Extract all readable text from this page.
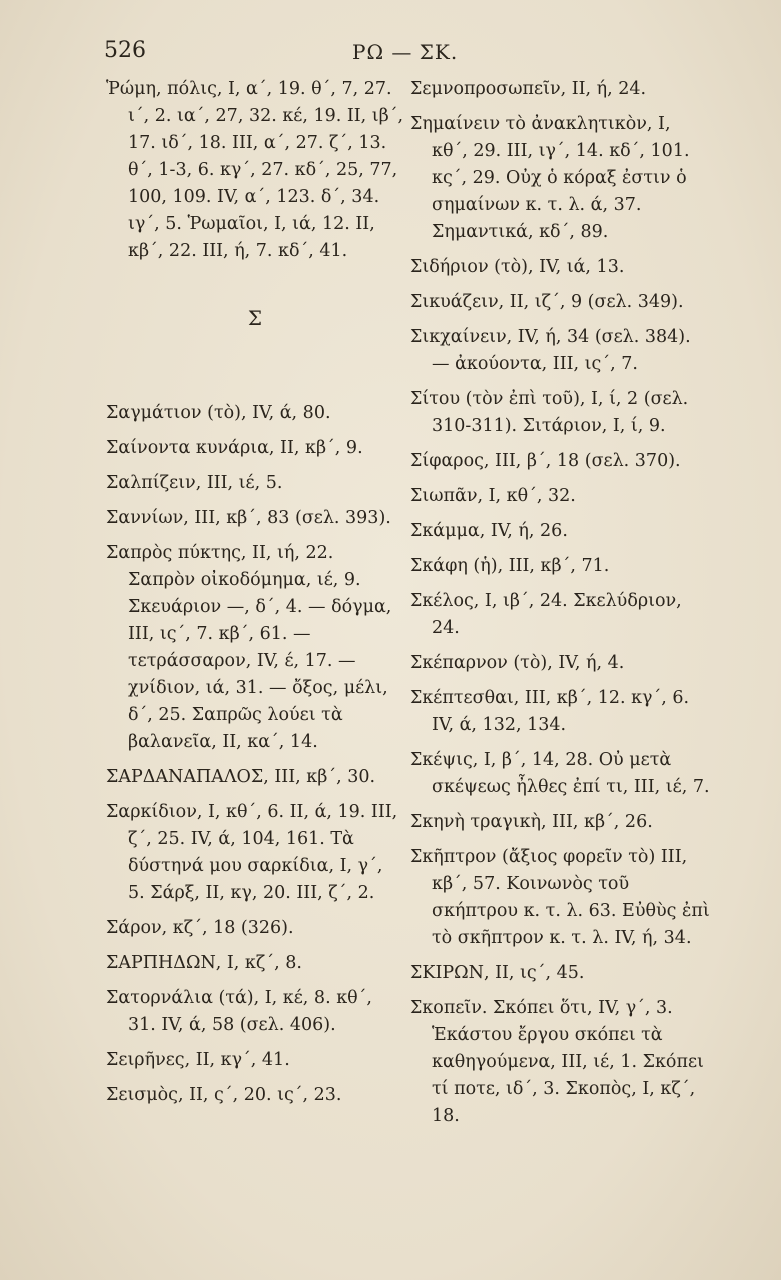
526	ΡΩ — ΣΚ.

Ῥώμη, πόλις, Ι, α΄, 19. θ΄, 7, 27. ι΄, 2. ια΄, 27, 32. κέ, 19. ΙΙ, ιβ΄, 17. ιδ΄, 18. ΙΙΙ, α΄, 27. ζ΄, 13. θ΄, 1-3, 6. κγ΄, 27. κδ΄, 25, 77, 100, 109. IV, α΄, 123. δ΄, 34. ιγ΄, 5. Ῥωμαῖοι, Ι, ιά, 12. ΙΙ, κβ΄, 22. ΙΙΙ, ή, 7. κδ΄, 41.

Σ

Σαγμάτιον (τὸ), IV, ά, 80.

Σαίνοντα κυνάρια, ΙΙ, κβ΄, 9.

Σαλπίζειν, ΙΙΙ, ιέ, 5.

Σαννίων, ΙΙΙ, κβ΄, 83 (σελ. 393).

Σαπρὸς πύκτης, ΙΙ, ιή, 22. Σαπρὸν οἰκοδόμημα, ιέ, 9. Σκευάριον —, δ΄, 4. — δόγμα, ΙΙΙ, ις΄, 7. κβ΄, 61. — τετράσσαρον, IV, έ, 17. — χνίδιον, ιά, 31. — ὄξος, μέλι, δ΄, 25. Σαπρῶς λούει τὰ βαλανεῖα, ΙΙ, κα΄, 14.

ΣΑΡΔΑΝΑΠΑΛΟΣ, ΙΙΙ, κβ΄, 30.

Σαρκίδιον, Ι, κθ΄, 6. ΙΙ, ά, 19. ΙΙΙ, ζ΄, 25. IV, ά, 104, 161. Τὰ δύστηνά μου σαρκίδια, Ι, γ΄, 5. Σάρξ, ΙΙ, κγ, 20. ΙΙΙ, ζ΄, 2.

Σάρον, κζ΄, 18 (326).

ΣΑΡΠΗΔΩΝ, Ι, κζ΄, 8.

Σατορνάλια (τά), Ι, κέ, 8. κθ΄, 31. IV, ά, 58 (σελ. 406).

Σειρῆνες, ΙΙ, κγ΄, 41.

Σεισμὸς, ΙΙ, ς΄, 20. ις΄, 23.

Σεμνοπροσωπεῖν, ΙΙ, ή, 24.

Σημαίνειν τὸ ἀνακλητικὸν, Ι, κθ΄, 29. ΙΙΙ, ιγ΄, 14. κδ΄, 101. κς΄, 29. Οὐχ ὁ κόραξ ἐστιν ὁ σημαίνων κ. τ. λ. ά, 37. Σημαντικά, κδ΄, 89.

Σιδήριον (τὸ), IV, ιά, 13.

Σικυάζειν, ΙΙ, ιζ΄, 9 (σελ. 349).

Σικχαίνειν, IV, ή, 34 (σελ. 384). — ἀκούοντα, ΙΙΙ, ις΄, 7.

Σίτου (τὸν ἐπὶ τοῦ), Ι, ί, 2 (σελ. 310-311). Σιτάριον, Ι, ί, 9.

Σίφαρος, ΙΙΙ, β΄, 18 (σελ. 370).

Σιωπᾶν, Ι, κθ΄, 32.

Σκάμμα, IV, ή, 26.

Σκάφη (ἡ), ΙΙΙ, κβ΄, 71.

Σκέλος, Ι, ιβ΄, 24. Σκελύδριον, 24.

Σκέπαρνον (τὸ), IV, ή, 4.

Σκέπτεσθαι, ΙΙΙ, κβ΄, 12. κγ΄, 6. IV, ά, 132, 134.

Σκέψις, Ι, β΄, 14, 28. Οὐ μετὰ σκέψεως ἦλθες ἐπί τι, ΙΙΙ, ιέ, 7.

Σκηνὴ τραγικὴ, ΙΙΙ, κβ΄, 26.

Σκῆπτρον (ἄξιος φορεῖν τὸ) ΙΙΙ, κβ΄, 57. Κοινωνὸς τοῦ σκήπτρου κ. τ. λ. 63. Εὐθὺς ἐπὶ τὸ σκῆπτρον κ. τ. λ. IV, ή, 34.

ΣΚΙΡΩΝ, ΙΙ, ις΄, 45.

Σκοπεῖν. Σκόπει ὅτι, IV, γ΄, 3. Ἑκάστου ἔργου σκόπει τὰ καθηγούμενα, ΙΙΙ, ιέ, 1. Σκόπει τί ποτε, ιδ΄, 3. Σκοπὸς, Ι, κζ΄, 18.
